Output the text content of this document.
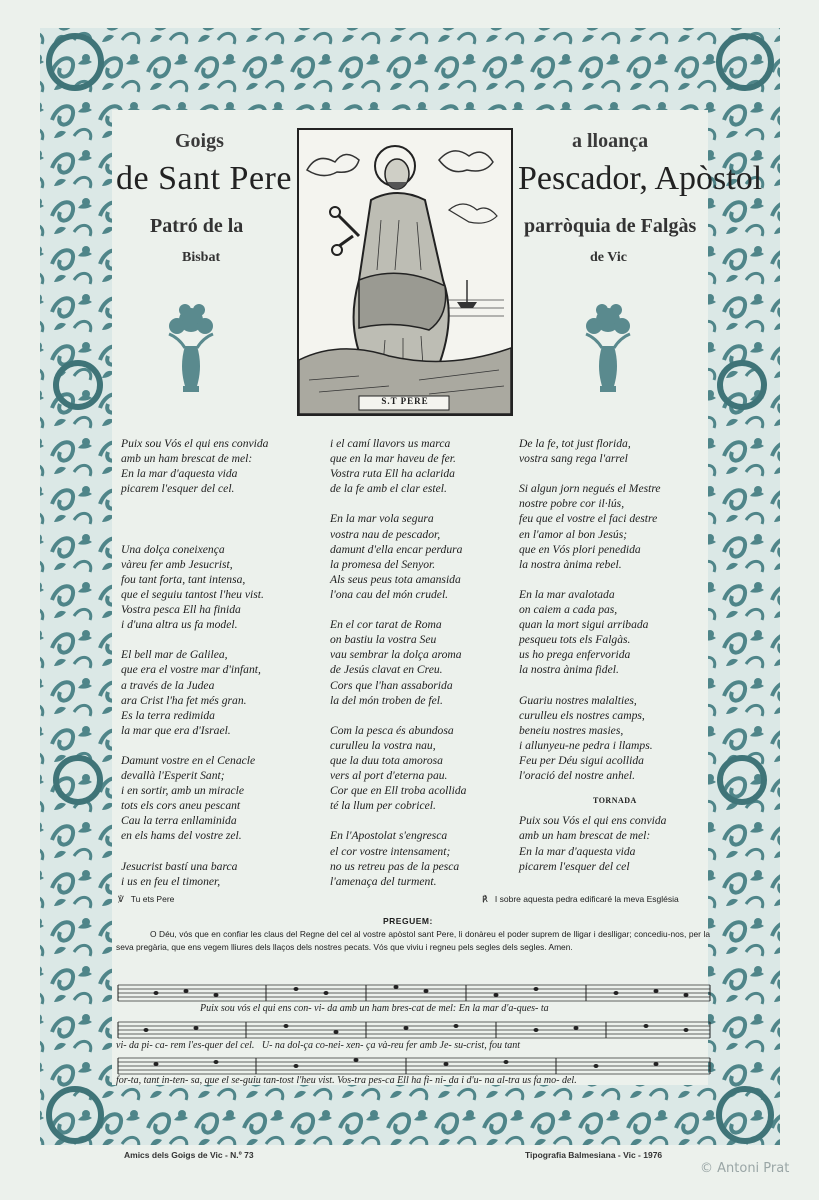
Goigs
de Sant Pere
Patró de la
Bisbat
a lloança
Pescador, Apòstol
parròquia de Falgàs
de Vic
S.T PERE
Puix sou Vós el qui ens convida
amb un ham brescat de mel:
En la mar d'aquesta vida
picarem l'esquer del cel.

Una dolça coneixença
vàreu fer amb Jesucrist,
fou tant forta, tant intensa,
que el seguiu tantost l'heu vist.
Vostra pesca Ell ha finida
i d'una altra us fa model.

El bell mar de Galilea,
que era el vostre mar d'infant,
a través de la Judea
ara Crist l'ha fet més gran.
Es la terra redimida
la mar que era d'Israel.

Damunt vostre en el Cenacle
devallà l'Esperit Sant;
i en sortir, amb un miracle
tots els cors aneu pescant
Cau la terra enllaminida
en els hams del vostre zel.

Jesucrist bastí una barca
i us en feu el timoner,
i el camí llavors us marca
que en la mar haveu de fer.
Vostra ruta Ell ha aclarida
de la fe amb el clar estel.

En la mar vola segura
vostra nau de pescador,
damunt d'ella encar perdura
la promesa del Senyor.
Als seus peus tota amansida
l'ona cau del món crudel.

En el cor tarat de Roma
on bastiu la vostra Seu
vau sembrar la dolça aroma
de Jesús clavat en Creu.
Cors que l'han assaborida
la del món troben de fel.

Com la pesca és abundosa
curulleu la vostra nau,
que la duu tota amorosa
vers al port d'eterna pau.
Cor que en Ell troba acollida
té la llum per cobricel.

En l'Apostolat s'engresca
el cor vostre intensament;
no us retreu pas de la pesca
l'amenaça del turment.
De la fe, tot just florida,
vostra sang rega l'arrel

Si algun jorn negués el Mestre
nostre pobre cor il·lús,
feu que el vostre el faci destre
en l'amor al bon Jesús;
que en Vós plori penedida
la nostra ànima rebel.

En la mar avalotada
on caiem a cada pas,
quan la mort sigui arribada
pesqueu tots els Falgàs.
us ho prega enfervorida
la nostra ànima fidel.

Guariu nostres malalties,
curulleu els nostres camps,
beneiu nostres masies,
i allunyeu-ne pedra i llamps.
Feu per Déu sigui acollida
l'oració del nostre anhel.

Puix sou Vós el qui ens convida
amb un ham brescat de mel:
En la mar d'aquesta vida
picarem l'esquer del cel
TORNADA
℣ Tu ets Pere	℟ I sobre aquesta pedra edificaré la meva Església
PREGUEM:
O Déu, vós que en confiar les claus del Regne del cel al vostre apòstol sant Pere, li donàreu el poder suprem de lligar i deslligar; concediu-nos, per la seva pregària, que ens vegem lliures dels llaços dels nostres pecats. Vós que viviu i regneu pels segles dels segles. Amen.
Puix sou vós el qui ens con- vi- da amb un ham bres-cat de mel: En la mar d'a-ques- ta
vi- da pi- ca- rem l'es-quer del cel.   U- na dol-ça co-nei- xen- ça và-reu fer amb Je- su-crist, fou tant
for-ta, tant in-ten- sa, que el se-guiu tan-tost l'heu vist. Vos-tra pes-ca Ell ha fi- ni- da i d'u- na al-tra us fa mo- del.
Amics dels Goigs de Vic - N.º 73	Tipografia Balmesiana - Vic - 1976
© Antoni Prat
